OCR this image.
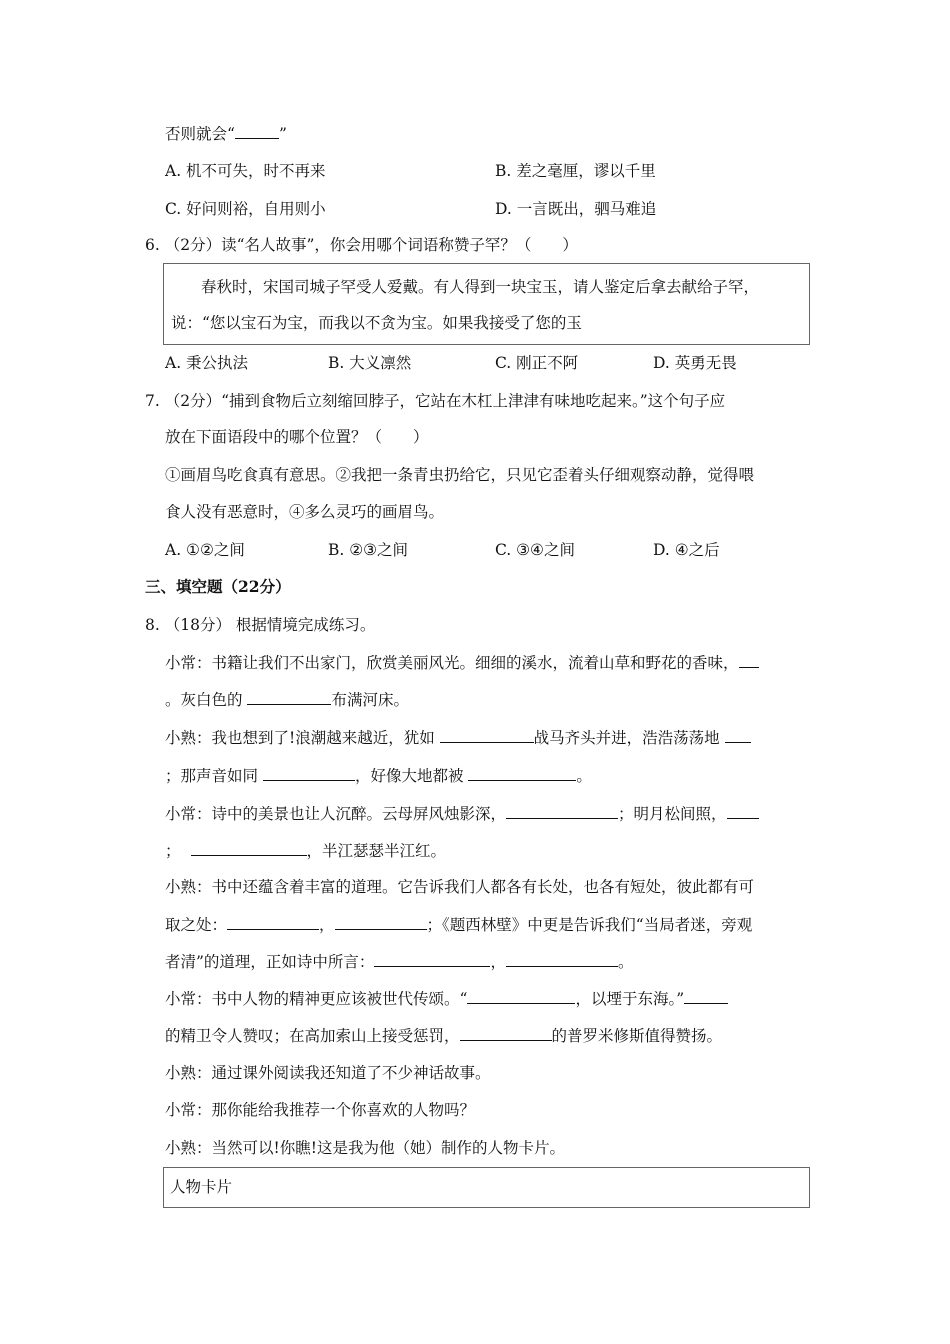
否则就会“	”
A. 机不可失，时不再来	B. 差之毫厘，谬以千里
C. 好问则裕，自用则小	D. 一言既出，驷马难追
6. （2分）读“名人故事”，你会用哪个词语称赞子罕？（　　）
春秋时，宋国司城子罕受人爱戴。有人得到一块宝玉，请人鉴定后拿去献给子罕，
说：“您以宝石为宝，而我以不贪为宝。如果我接受了您的玉
A. 秉公执法	B. 大义凛然	C. 刚正不阿	D. 英勇无畏
7. （2分）“捕到食物后立刻缩回脖子，它站在木杠上津津有味地吃起来。”这个句子应
放在下面语段中的哪个位置？（　　）
①画眉鸟吃食真有意思。②我把一条青虫扔给它，只见它歪着头仔细观察动静，觉得喂
食人没有恶意时，④多么灵巧的画眉鸟。
A. ①②之间	B. ②③之间	C. ③④之间	D. ④之后
三、填空题（22分）
8. （18分） 根据情境完成练习。
小常：书籍让我们不出家门，欣赏美丽风光。细细的溪水，流着山草和野花的香味，
。灰白色的	布满河床。
小熟：我也想到了!浪潮越来越近，犹如	战马齐头并进，浩浩荡荡地
；那声音如同	，好像大地都被	。
小常：诗中的美景也让人沉醉。云母屏风烛影深，	；明月松间照，
；	，半江瑟瑟半江红。
小熟：书中还蕴含着丰富的道理。它告诉我们人都各有长处，也各有短处，彼此都有可
取之处：	，	；《题西林壁》中更是告诉我们“当局者迷，旁观
者清”的道理，正如诗中所言：	，	。
小常：书中人物的精神更应该被世代传颂。“	，以堙于东海。”
的精卫令人赞叹；在高加索山上接受惩罚，	的普罗米修斯值得赞扬。
小熟：通过课外阅读我还知道了不少神话故事。
小常：那你能给我推荐一个你喜欢的人物吗？
小熟：当然可以!你瞧!这是我为他（她）制作的人物卡片。
人物卡片
